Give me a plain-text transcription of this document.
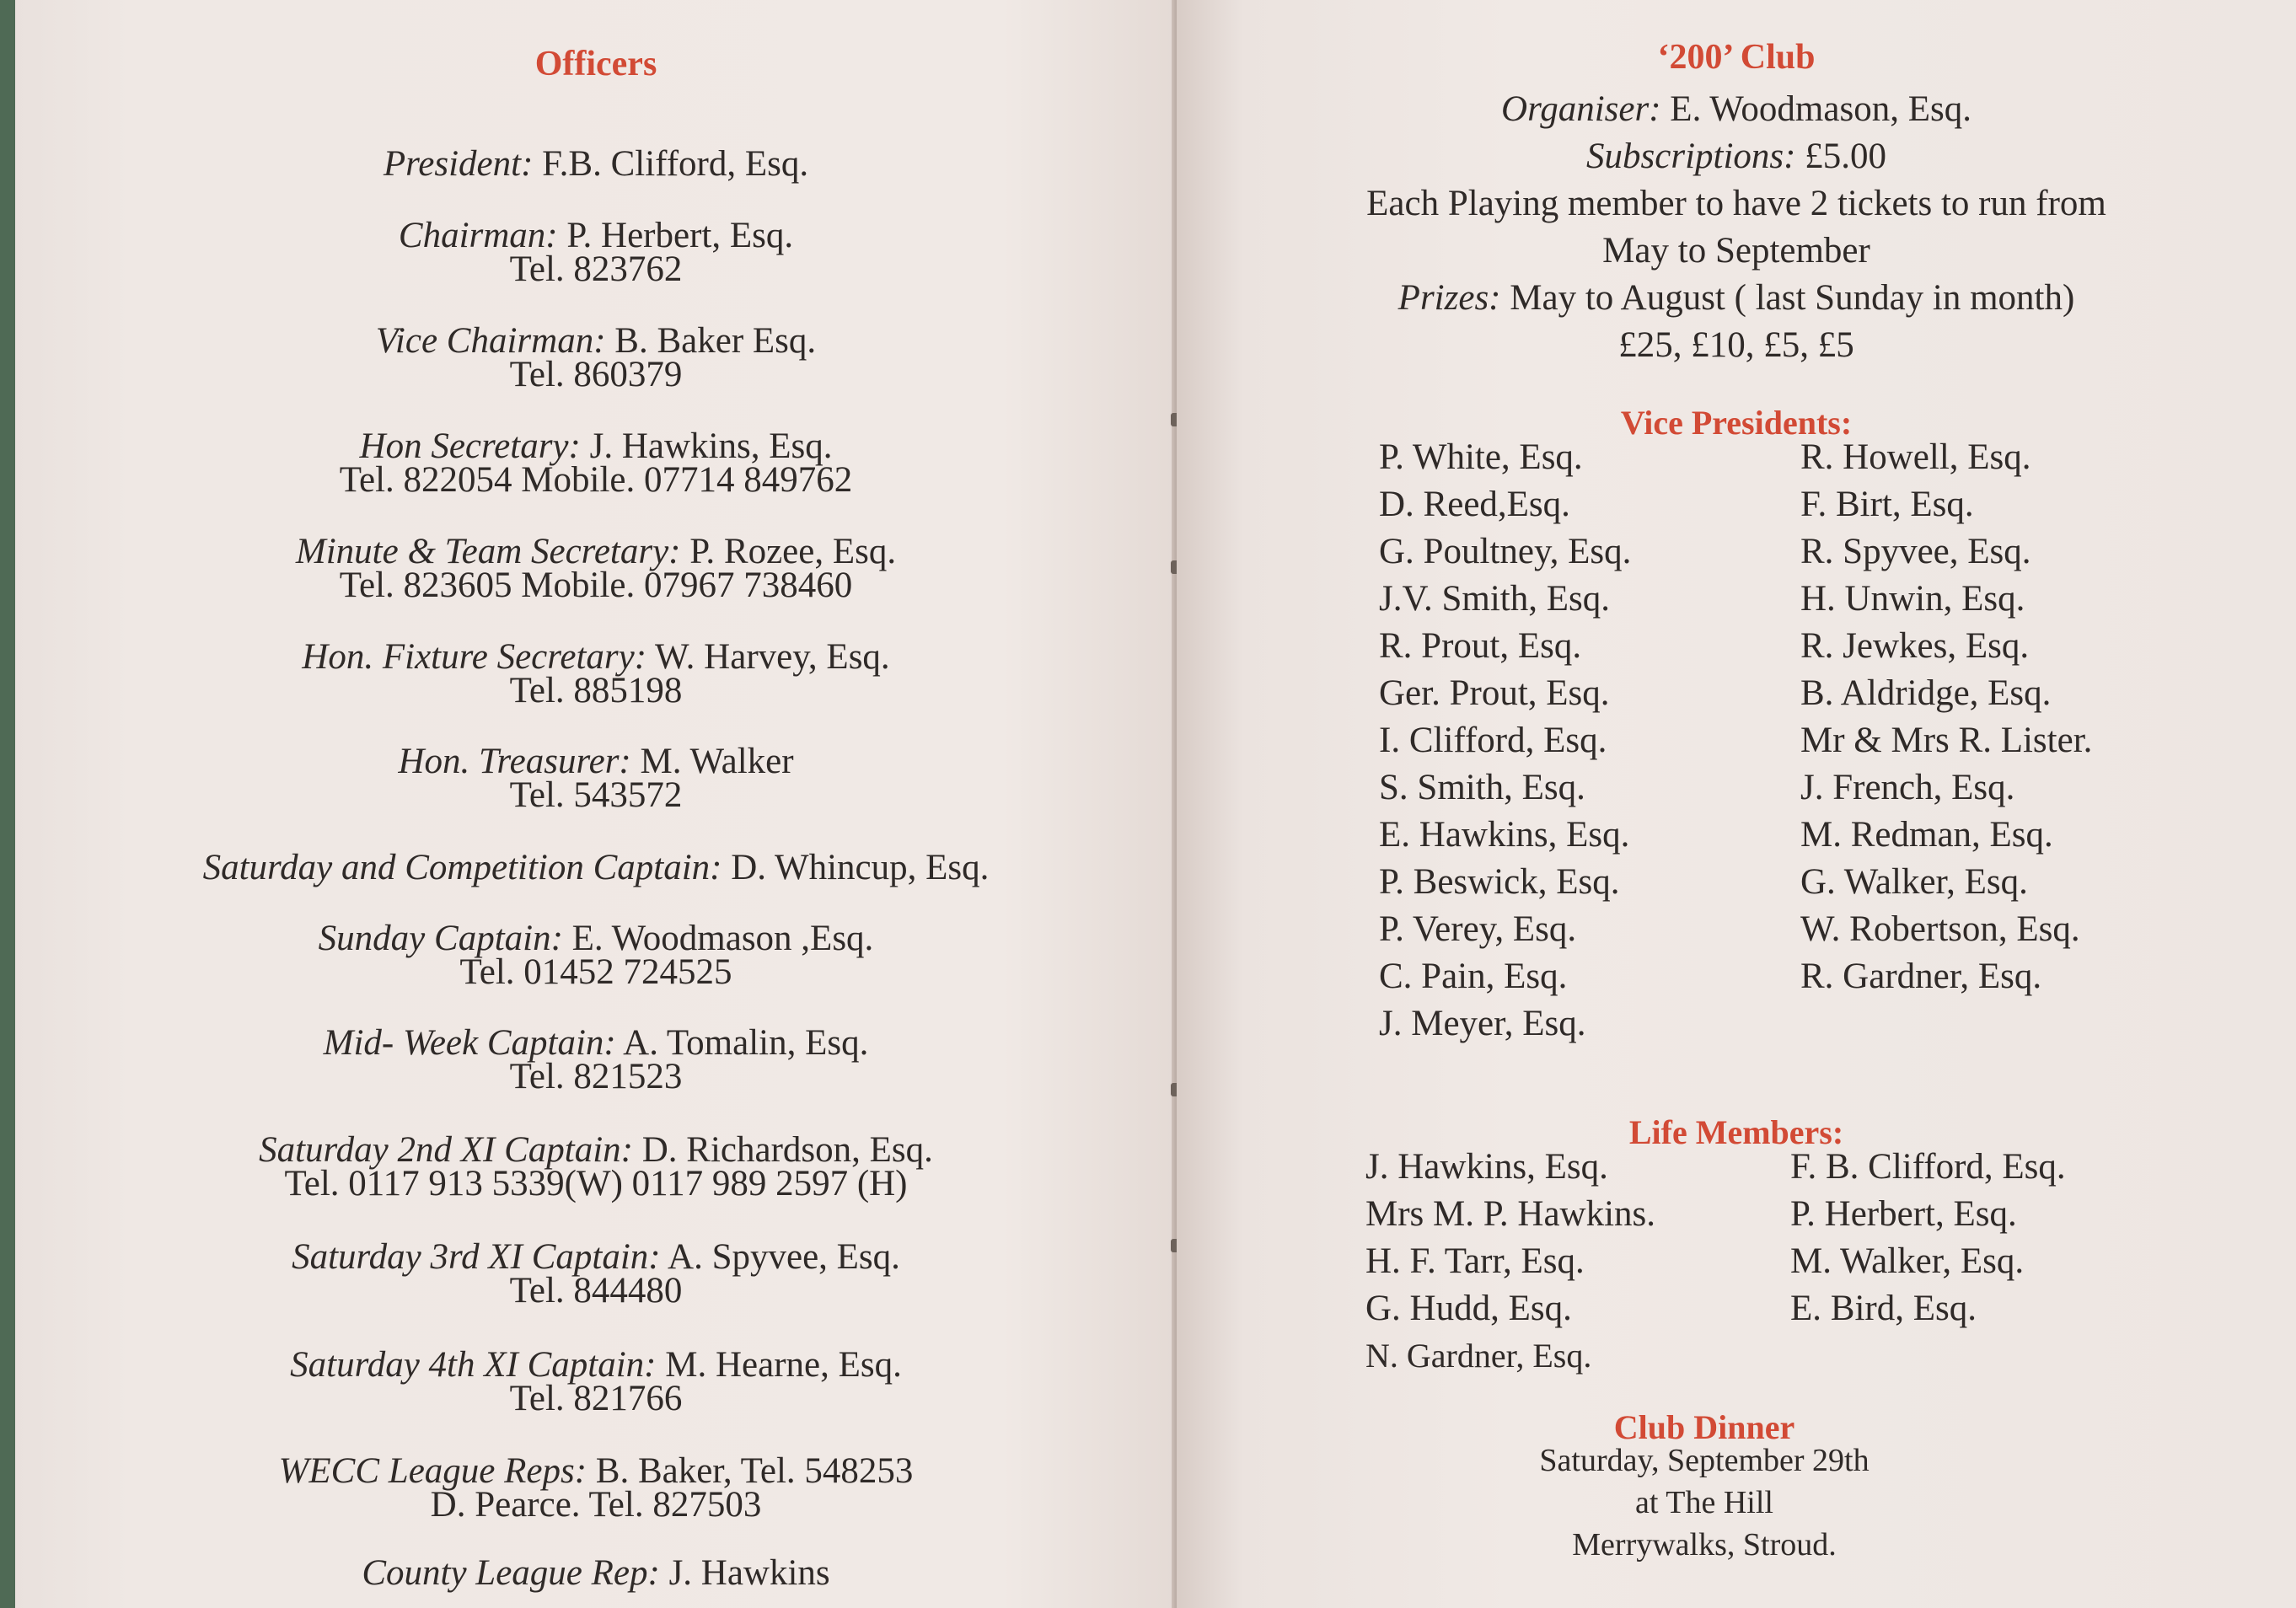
Officers
President: F.B. Clifford, Esq.
Chairman: P. Herbert, Esq.
Tel. 823762
Vice Chairman: B. Baker Esq.
Tel. 860379
Hon Secretary: J. Hawkins, Esq.
Tel. 822054 Mobile. 07714 849762
Minute & Team Secretary: P. Rozee, Esq.
Tel. 823605 Mobile. 07967 738460
Hon. Fixture Secretary: W. Harvey, Esq.
Tel. 885198
Hon. Treasurer: M. Walker
Tel. 543572
Saturday and Competition Captain: D. Whincup, Esq.
Sunday Captain: E. Woodmason ,Esq.
Tel. 01452 724525
Mid- Week Captain: A. Tomalin, Esq.
Tel. 821523
Saturday 2nd XI Captain: D. Richardson, Esq.
Tel. 0117 913 5339(W) 0117 989 2597 (H)
Saturday 3rd XI Captain: A. Spyvee, Esq.
Tel. 844480
Saturday 4th XI Captain: M. Hearne, Esq.
Tel. 821766
WECC League Reps: B. Baker, Tel. 548253
D. Pearce. Tel. 827503
County League Rep: J. Hawkins
‘200’ Club
Organiser: E. Woodmason, Esq.
Subscriptions: £5.00
Each Playing member to have 2 tickets to run from
May to September
Prizes: May to August ( last Sunday in month)
£25, £10, £5, £5
Vice Presidents:
P. White, Esq.
D. Reed,Esq.
G. Poultney, Esq.
J.V. Smith, Esq.
R. Prout, Esq.
Ger. Prout, Esq.
I. Clifford, Esq.
S. Smith, Esq.
E. Hawkins, Esq.
P. Beswick, Esq.
P. Verey, Esq.
C. Pain, Esq.
J. Meyer, Esq.
R. Howell, Esq.
F. Birt, Esq.
R. Spyvee, Esq.
H. Unwin, Esq.
R. Jewkes, Esq.
B. Aldridge, Esq.
Mr & Mrs R. Lister.
J. French, Esq.
M. Redman, Esq.
G. Walker, Esq.
W. Robertson, Esq.
R. Gardner, Esq.
Life Members:
J. Hawkins, Esq.
Mrs M. P. Hawkins.
H. F. Tarr, Esq.
G. Hudd, Esq.
N. Gardner, Esq.
F. B. Clifford, Esq.
P. Herbert, Esq.
M. Walker, Esq.
E. Bird, Esq.
Club Dinner
Saturday, September 29th
at The Hill
Merrywalks, Stroud.
